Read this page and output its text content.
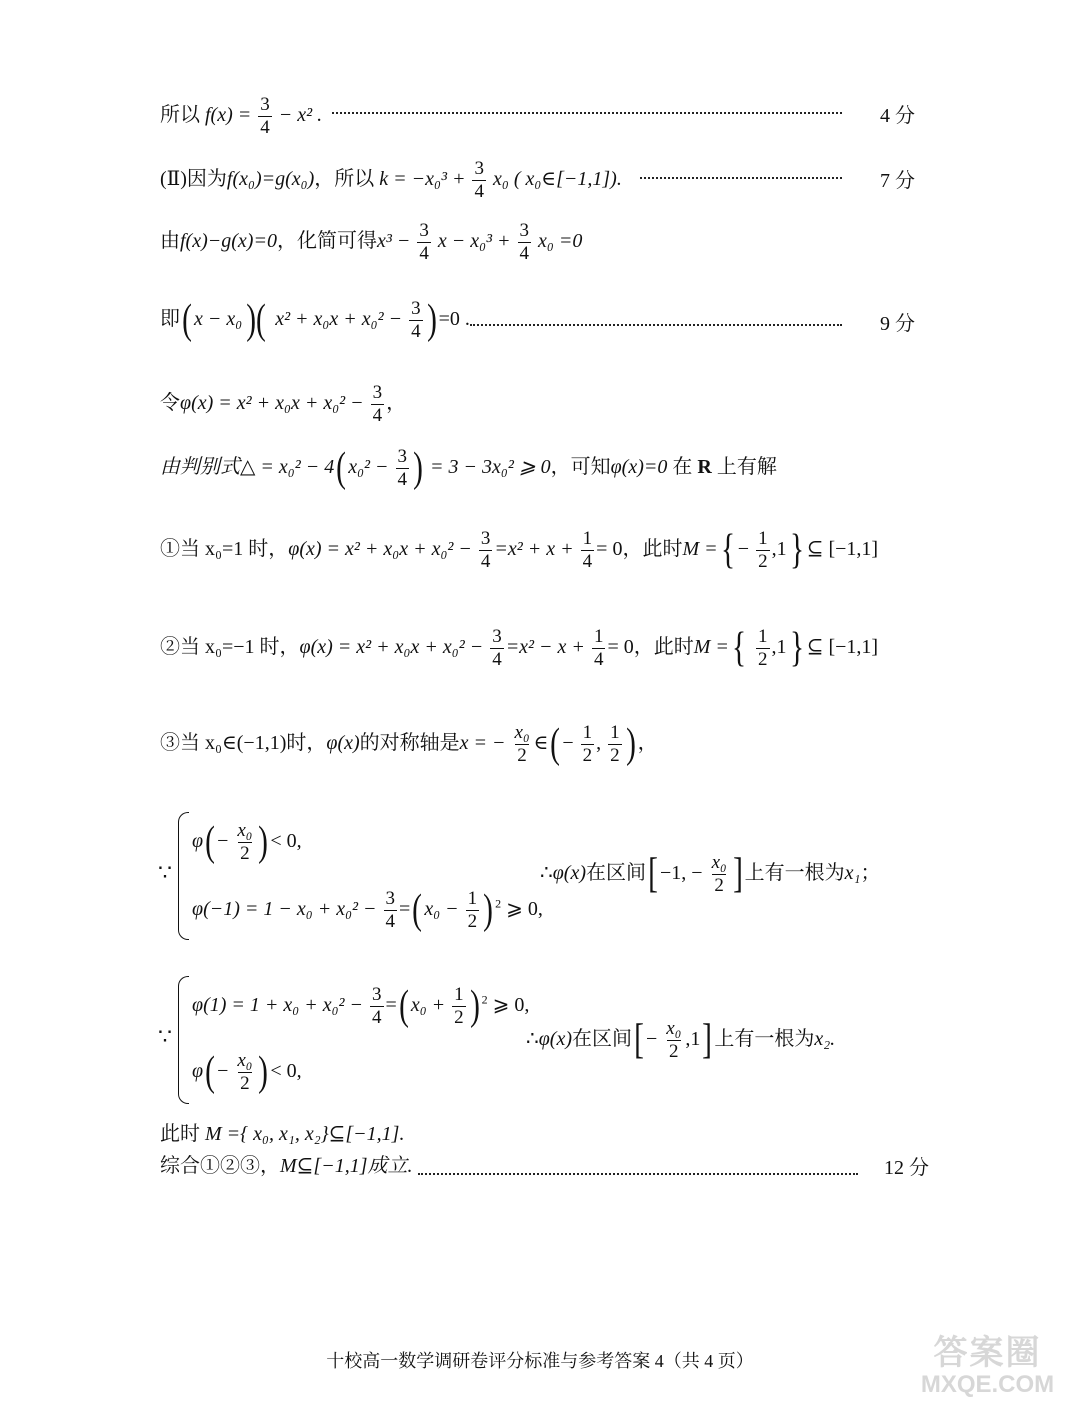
所以 $f(x) = \frac{3}{4} - x^2$ .	4 分
(Ⅱ)因为f(x₀)=g(x₀)，所以 $k = -x_0^3 + \frac{3}{4} x_0$ ( x₀∈[−1,1]).	7 分
由f(x)−g(x)=0，化简可得$x^3 - \frac{3}{4}$ $x - x_0^3 + \frac{3}{4} x_0 =0$
即( x − x₀)( $x^2 + x_0x + x_0^2 - \frac{3}{4}$ ) =0 .	9 分
令$\varphi(x) = x^2 + x_0x + x_0^2 - \frac{3}{4}$ ，
由判别式△ = x₀² − 4( $x_0^2 - \frac{3}{4}$ ) = 3 − 3x₀² ⩾ 0，可知φ(x)=0 在 R 上有解
①当 x₀=1 时，$\varphi(x) = x^2 + x_0x + x_0^2 - \frac{3}{4} =x^2 + x + \frac{1}{4} = 0$，此时M ={ − $\frac{1}{2} ,1$} ⊆ [−1,1]
②当 x₀=−1 时，$\varphi(x) = x^2 + x_0x + x_0^2 - \frac{3}{4} =x^2 - x + \frac{1}{4} = 0$，此时M ={ $\frac{1}{2} ,1$} ⊆ [−1,1]
③当 x₀∈(−1,1)时，φ(x)的对称轴是x = − $\frac{\text{x₀}}{2}$ ∈( − $\frac{1}{2}$ , $\frac{1}{2}$ ) ，
∵
$\varphi( - \frac{\text{x₀}}{2}$ ) < 0,
$\varphi(-1) = 1 - x_0 + x_0^2 - \frac{3}{4}$ =( $x_0 - \frac{1}{2}$ ) $^2$ ⩾ 0,
∴φ(x)在区间[ −1, − $\frac{\text{x₀}}{2}$ ] 上有一根为x₁；
∵
$\varphi(1) = 1 + x_0 + x_0^2 - \frac{3}{4}$ =( $x_0 + \frac{1}{2}$ ) $^2$ ⩾ 0,
$\varphi( - \frac{\text{x₀}}{2}$ ) < 0,
∴φ(x)在区间[ − $\frac{\text{x₀}}{2} ,1$] 上有一根为x₂.
此时 M ={ x₀, x₁, x₂}⊆[−1,1].
综合①②③，M⊆[−1,1]成立.	12 分
十校高一数学调研卷评分标准与参考答案 4（共 4 页）	答案圈
MXQE.COM
